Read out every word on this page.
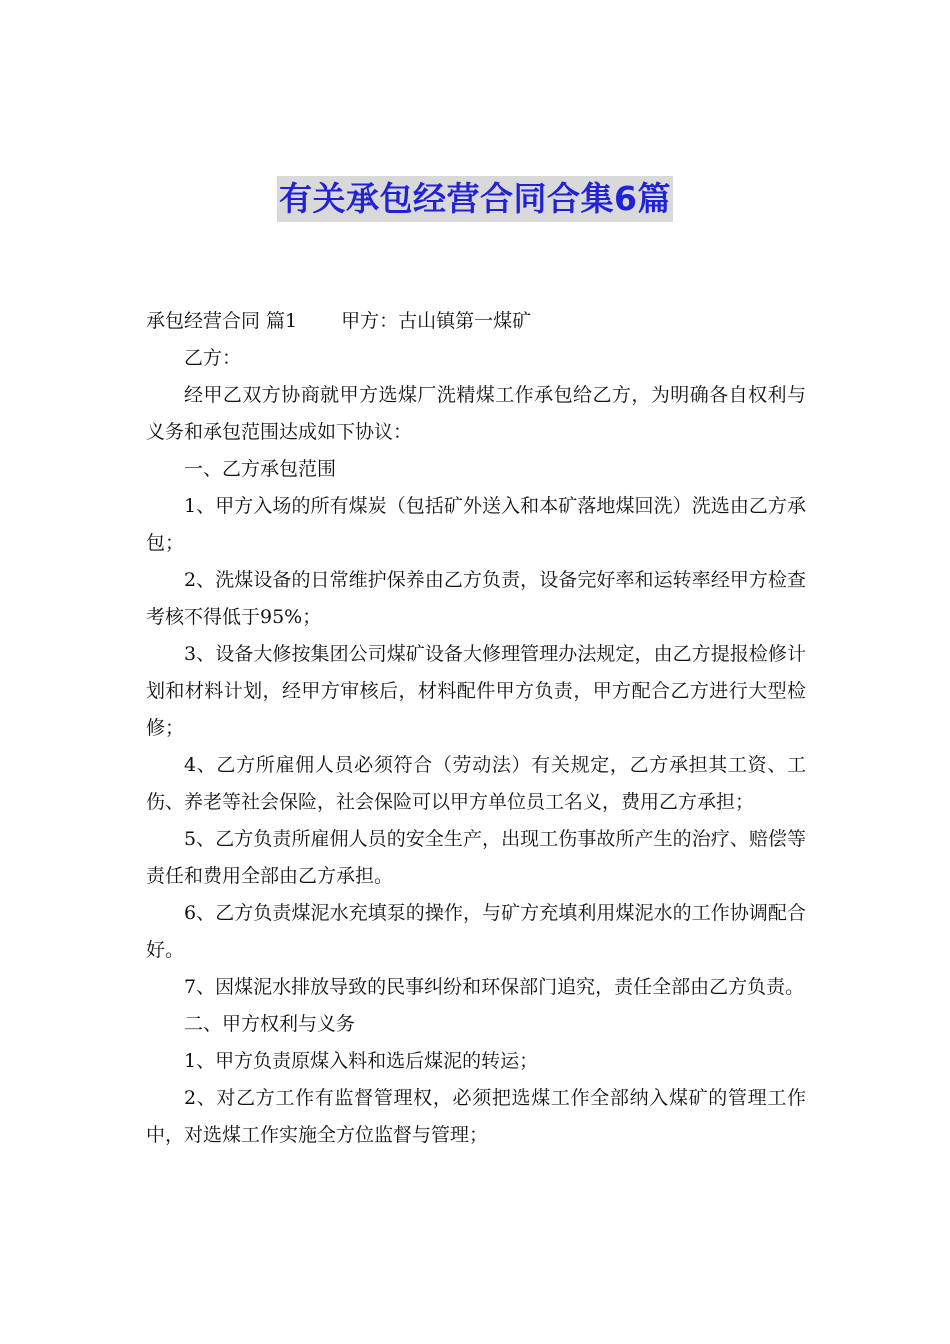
有关承包经营合同合集6篇

承包经营合同 篇1 甲方：古山镇第一煤矿

乙方：

经甲乙双方协商就甲方选煤厂洗精煤工作承包给乙方，为明确各自权利与义务和承包范围达成如下协议：

一、乙方承包范围

1、甲方入场的所有煤炭（包括矿外送入和本矿落地煤回洗）洗选由乙方承包；

2、洗煤设备的日常维护保养由乙方负责，设备完好率和运转率经甲方检查考核不得低于95%；

3、设备大修按集团公司煤矿设备大修理管理办法规定，由乙方提报检修计划和材料计划，经甲方审核后，材料配件甲方负责，甲方配合乙方进行大型检修；

4、乙方所雇佣人员必须符合（劳动法）有关规定，乙方承担其工资、工伤、养老等社会保险，社会保险可以甲方单位员工名义，费用乙方承担；

5、乙方负责所雇佣人员的安全生产，出现工伤事故所产生的治疗、赔偿等责任和费用全部由乙方承担。

6、乙方负责煤泥水充填泵的操作，与矿方充填利用煤泥水的工作协调配合好。

7、因煤泥水排放导致的民事纠纷和环保部门追究，责任全部由乙方负责。

二、甲方权利与义务

1、甲方负责原煤入料和选后煤泥的转运；

2、对乙方工作有监督管理权，必须把选煤工作全部纳入煤矿的管理工作中，对选煤工作实施全方位监督与管理；
